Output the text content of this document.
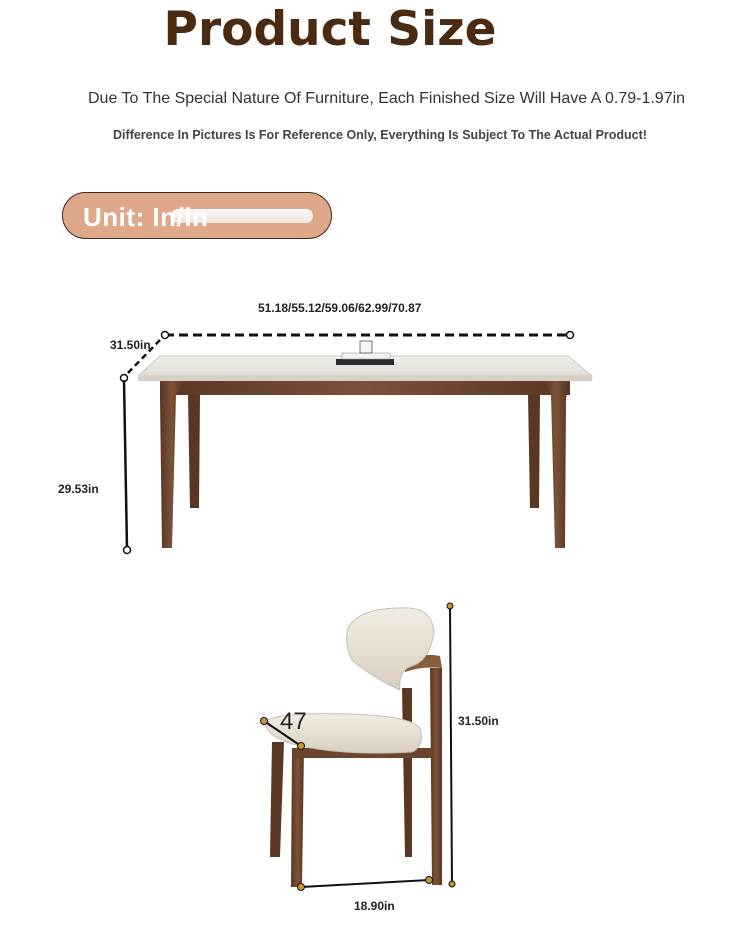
Product Size
Due To The Special Nature Of Furniture, Each Finished Size Will Have A 0.79-1.97in
Difference In Pictures Is For Reference Only, Everything Is Subject To The Actual Product!
Unit: In/in
51.18/55.12/59.06/62.99/70.87
31.50in
29.53in
47	31.50in
18.90in
